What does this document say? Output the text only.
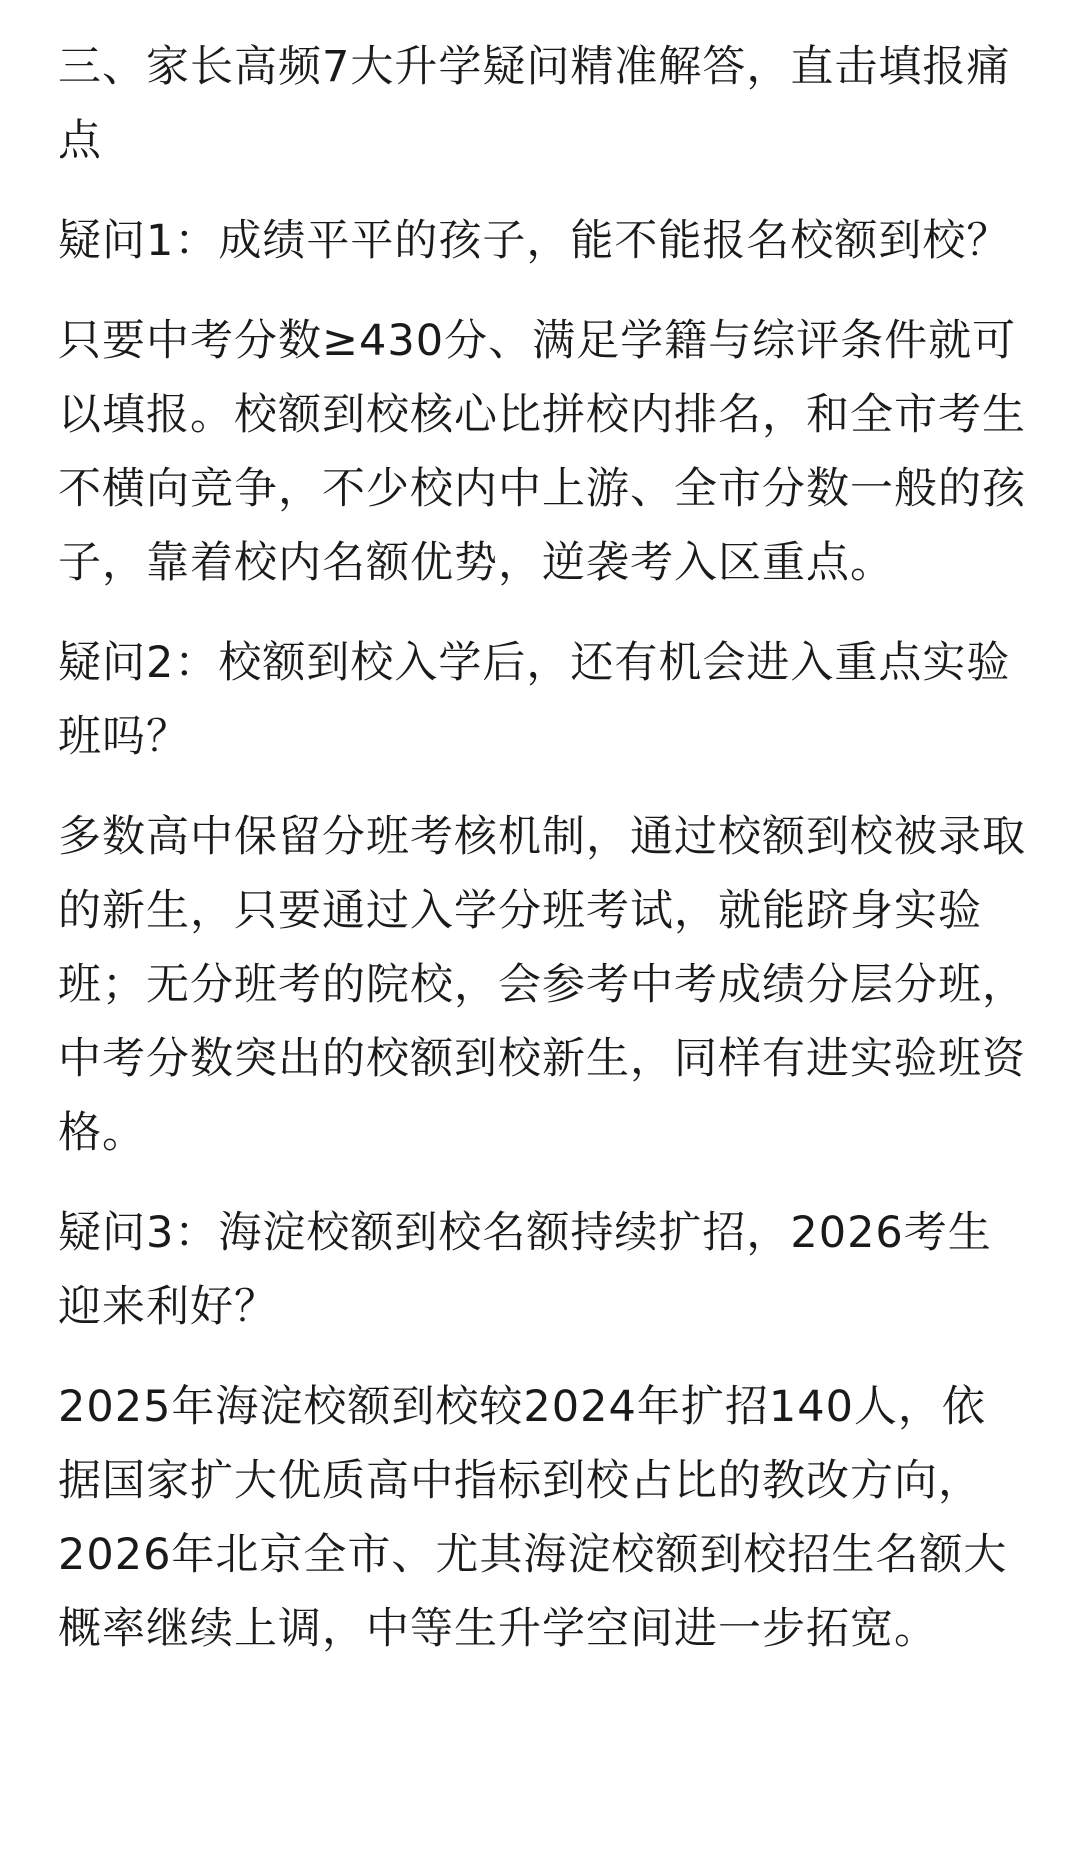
三、家长高频7大升学疑问精准解答，直击填报痛点

疑问1：成绩平平的孩子，能不能报名校额到校？

只要中考分数≥430分、满足学籍与综评条件就可以填报。校额到校核心比拼校内排名，和全市考生不横向竞争，不少校内中上游、全市分数一般的孩子，靠着校内名额优势，逆袭考入区重点。

疑问2：校额到校入学后，还有机会进入重点实验班吗？

多数高中保留分班考核机制，通过校额到校被录取的新生，只要通过入学分班考试，就能跻身实验班；无分班考的院校，会参考中考成绩分层分班，中考分数突出的校额到校新生，同样有进实验班资格。

疑问3：海淀校额到校名额持续扩招，2026考生迎来利好？

2025年海淀校额到校较2024年扩招140人，依据国家扩大优质高中指标到校占比的教改方向，2026年北京全市、尤其海淀校额到校招生名额大概率继续上调，中等生升学空间进一步拓宽。
